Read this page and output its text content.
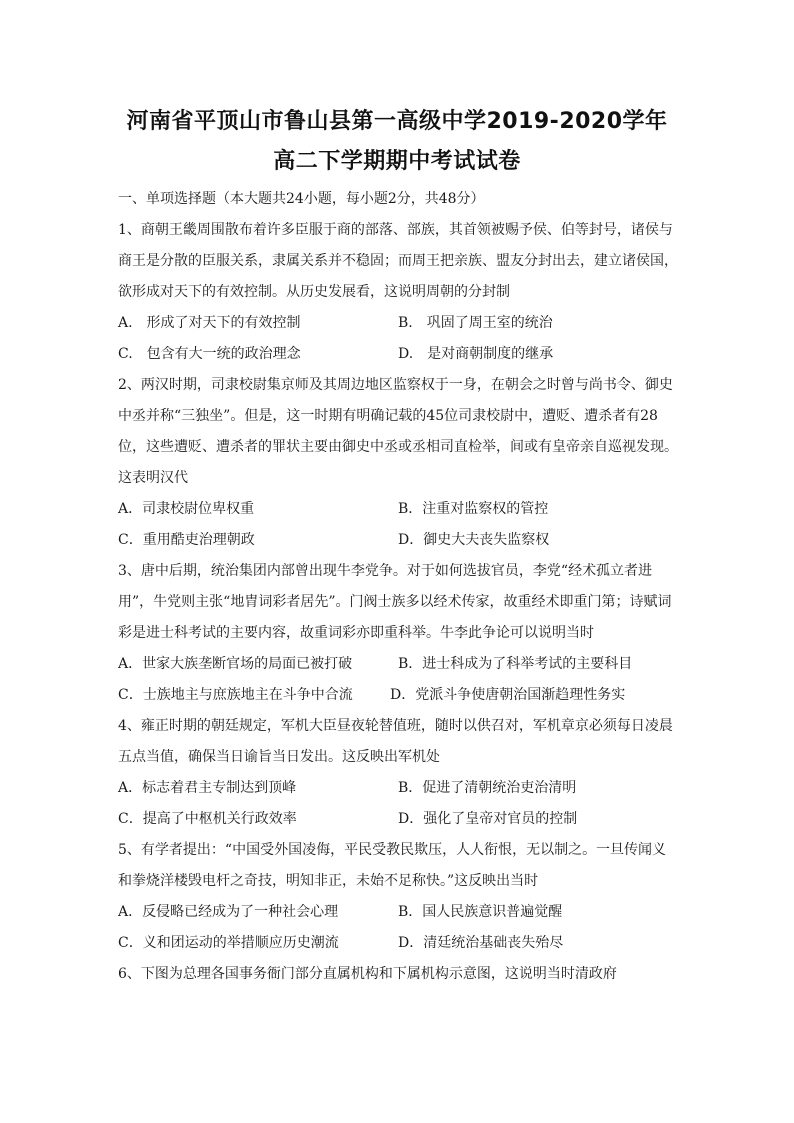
河南省平顶山市鲁山县第一高级中学2019-2020学年
高二下学期期中考试试卷
一、单项选择题（本大题共24小题，每小题2分，共48分）
1、商朝王畿周围散布着许多臣服于商的部落、部族，其首领被赐予侯、伯等封号，诸侯与
商王是分散的臣服关系，隶属关系并不稳固；而周王把亲族、盟友分封出去，建立诸侯国，
欲形成对天下的有效控制。从历史发展看，这说明周朝的分封制
A.　形成了对天下的有效控制	B.　巩固了周王室的统治
C.　包含有大一统的政治理念	D.　是对商朝制度的继承
2、两汉时期，司隶校尉集京师及其周边地区监察权于一身，在朝会之时曾与尚书令、御史
中丞并称“三独坐”。但是，这一时期有明确记载的45位司隶校尉中，遭贬、遭杀者有28
位，这些遭贬、遭杀者的罪状主要由御史中丞或丞相司直检举，间或有皇帝亲自巡视发现。
这表明汉代
A．司隶校尉位卑权重	B．注重对监察权的管控
C．重用酷吏治理朝政	D．御史大夫丧失监察权
3、唐中后期，统治集团内部曾出现牛李党争。对于如何选拔官员，李党“经术孤立者进
用”，牛党则主张“地胄词彩者居先”。门阀士族多以经术传家，故重经术即重门第；诗赋词
彩是进士科考试的主要内容，故重词彩亦即重科举。牛李此争论可以说明当时
A．世家大族垄断官场的局面已被打破	B．进士科成为了科举考试的主要科目
C．士族地主与庶族地主在斗争中合流	D．党派斗争使唐朝治国渐趋理性务实
4、雍正时期的朝廷规定，军机大臣昼夜轮替值班，随时以供召对，军机章京必须每日凌晨
五点当值，确保当日谕旨当日发出。这反映出军机处
A．标志着君主专制达到顶峰	B．促进了清朝统治吏治清明
C．提高了中枢机关行政效率	D．强化了皇帝对官员的控制
5、有学者提出：“中国受外国凌侮，平民受教民欺压，人人衔恨，无以制之。一旦传闻义
和拳烧洋楼毁电杆之奇技，明知非正，未始不足称快。”这反映出当时
A．反侵略已经成为了一种社会心理	B．国人民族意识普遍觉醒
C．义和团运动的举措顺应历史潮流	D．清廷统治基础丧失殆尽
6、下图为总理各国事务衙门部分直属机构和下属机构示意图，这说明当时清政府
